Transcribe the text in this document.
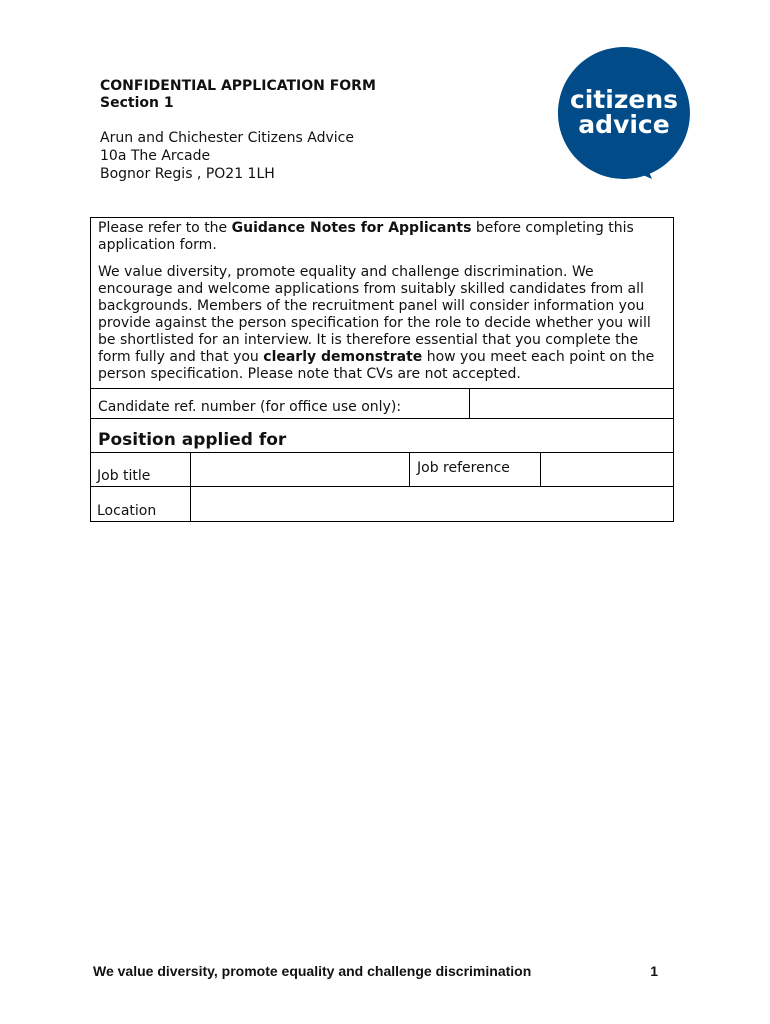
CONFIDENTIAL APPLICATION FORM
Section 1
Arun and Chichester Citizens Advice
10a The Arcade
Bognor Regis , PO21 1LH
citizens
advice

Please refer to the Guidance Notes for Applicants before completing this application form.

We value diversity, promote equality and challenge discrimination. We encourage and welcome applications from suitably skilled candidates from all backgrounds. Members of the recruitment panel will consider information you provide against the person specification for the role to decide whether you will be shortlisted for an interview. It is therefore essential that you complete the form fully and that you clearly demonstrate how you meet each point on the person specification. Please note that CVs are not accepted.				

Candidate ref. number (for office use only):				
Position applied for				
Job title		Job reference		
Location				
We value diversity, promote equality and challenge discrimination	1
